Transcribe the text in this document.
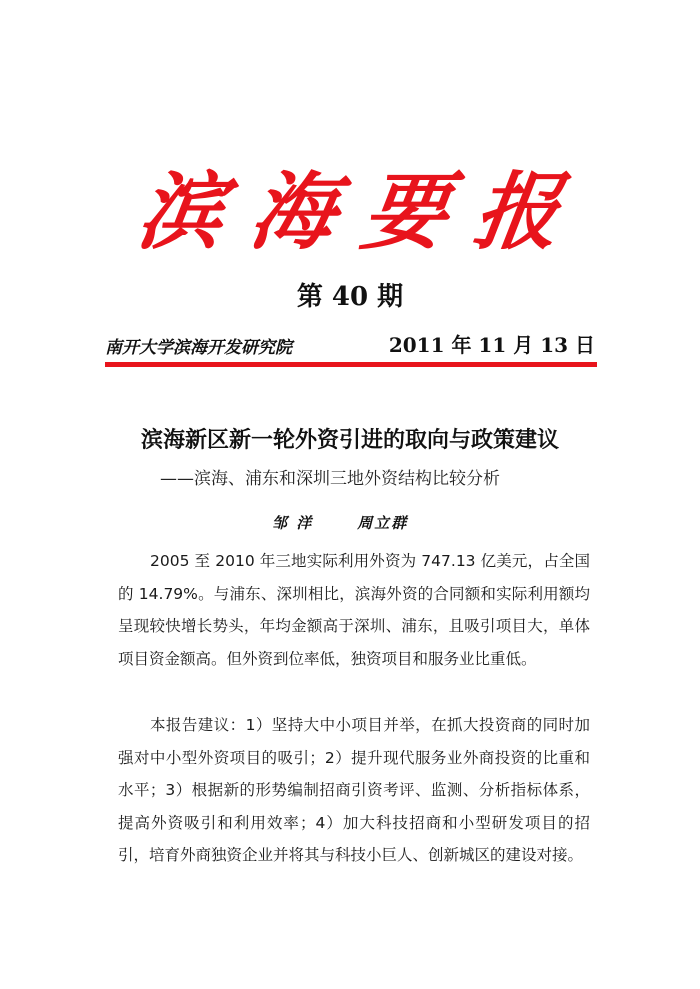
滨 海 要 报
第 40 期
南开大学滨海开发研究院	2011 年 11 月 13 日
滨海新区新一轮外资引进的取向与政策建议
——滨海、浦东和深圳三地外资结构比较分析
邹 洋	周立群

2005 至 2010 年三地实际利用外资为 747.13 亿美元，占全国的 14.79%。与浦东、深圳相比，滨海外资的合同额和实际利用额均呈现较快增长势头，年均金额高于深圳、浦东，且吸引项目大，单体项目资金额高。但外资到位率低，独资项目和服务业比重低。

本报告建议：1）坚持大中小项目并举，在抓大投资商的同时加强对中小型外资项目的吸引；2）提升现代服务业外商投资的比重和水平；3）根据新的形势编制招商引资考评、监测、分析指标体系，提高外资吸引和利用效率；4）加大科技招商和小型研发项目的招引，培育外商独资企业并将其与科技小巨人、创新城区的建设对接。
